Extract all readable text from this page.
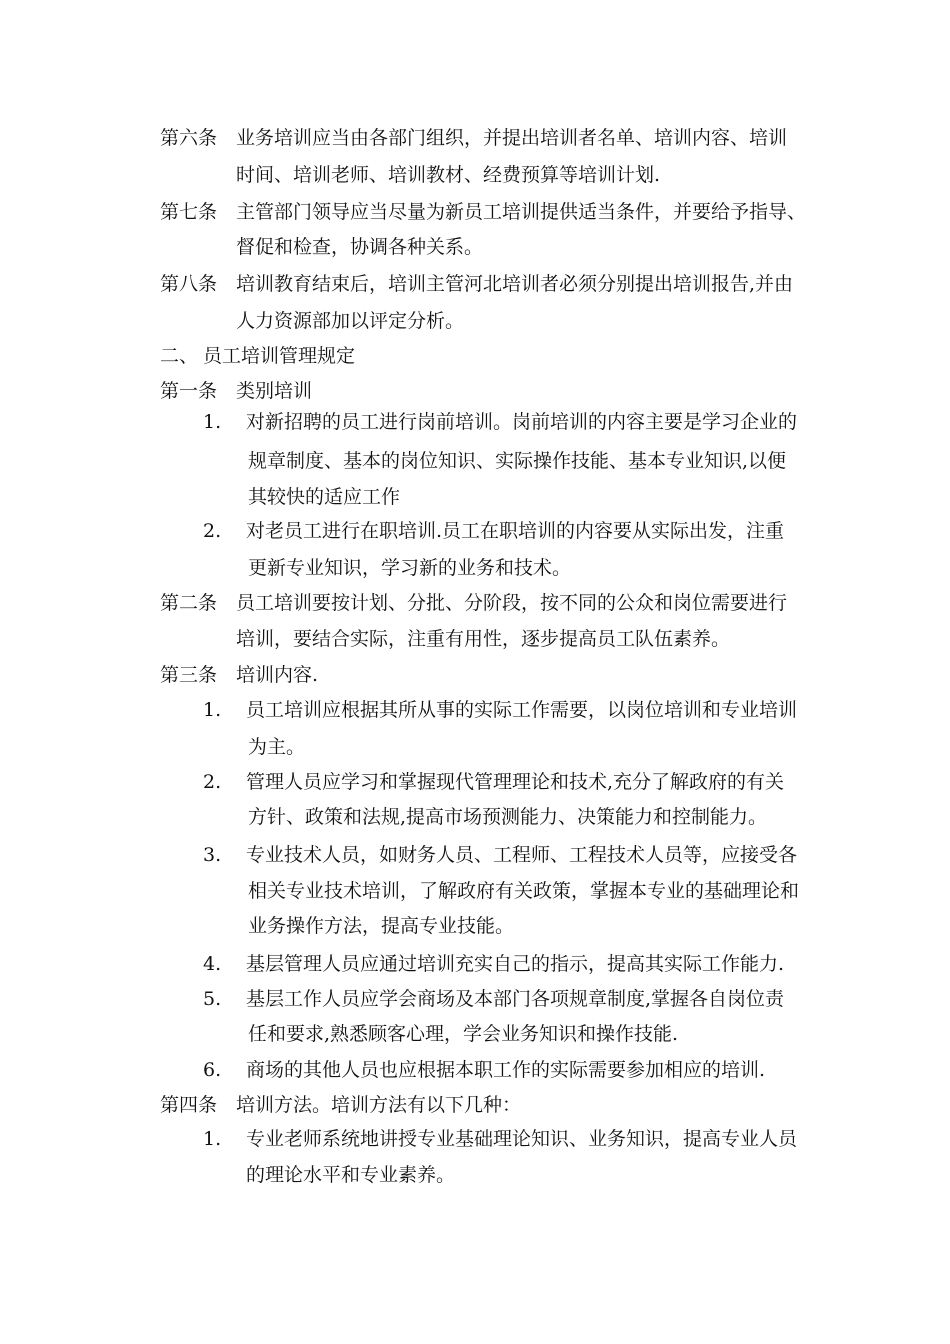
第六条 业务培训应当由各部门组织，并提出培训者名单、培训内容、培训
时间、培训老师、培训教材、经费预算等培训计划.
第七条 主管部门领导应当尽量为新员工培训提供适当条件，并要给予指导、
督促和检查，协调各种关系。
第八条 培训教育结束后，培训主管河北培训者必须分别提出培训报告,并由
人力资源部加以评定分析。
二、 员工培训管理规定
第一条 类别培训
1. 对新招聘的员工进行岗前培训。岗前培训的内容主要是学习企业的
规章制度、基本的岗位知识、实际操作技能、基本专业知识,以便
其较快的适应工作
2. 对老员工进行在职培训.员工在职培训的内容要从实际出发，注重
更新专业知识，学习新的业务和技术。
第二条 员工培训要按计划、分批、分阶段，按不同的公众和岗位需要进行
培训，要结合实际，注重有用性，逐步提高员工队伍素养。
第三条 培训内容.
1. 员工培训应根据其所从事的实际工作需要，以岗位培训和专业培训
为主。
2. 管理人员应学习和掌握现代管理理论和技术,充分了解政府的有关
方针、政策和法规,提高市场预测能力、决策能力和控制能力。
3. 专业技术人员，如财务人员、工程师、工程技术人员等，应接受各
相关专业技术培训，了解政府有关政策，掌握本专业的基础理论和
业务操作方法，提高专业技能。
4. 基层管理人员应通过培训充实自己的指示，提高其实际工作能力.
5. 基层工作人员应学会商场及本部门各项规章制度,掌握各自岗位责
任和要求,熟悉顾客心理，学会业务知识和操作技能.
6. 商场的其他人员也应根据本职工作的实际需要参加相应的培训.
第四条 培训方法。培训方法有以下几种：
1. 专业老师系统地讲授专业基础理论知识、业务知识，提高专业人员
的理论水平和专业素养。
